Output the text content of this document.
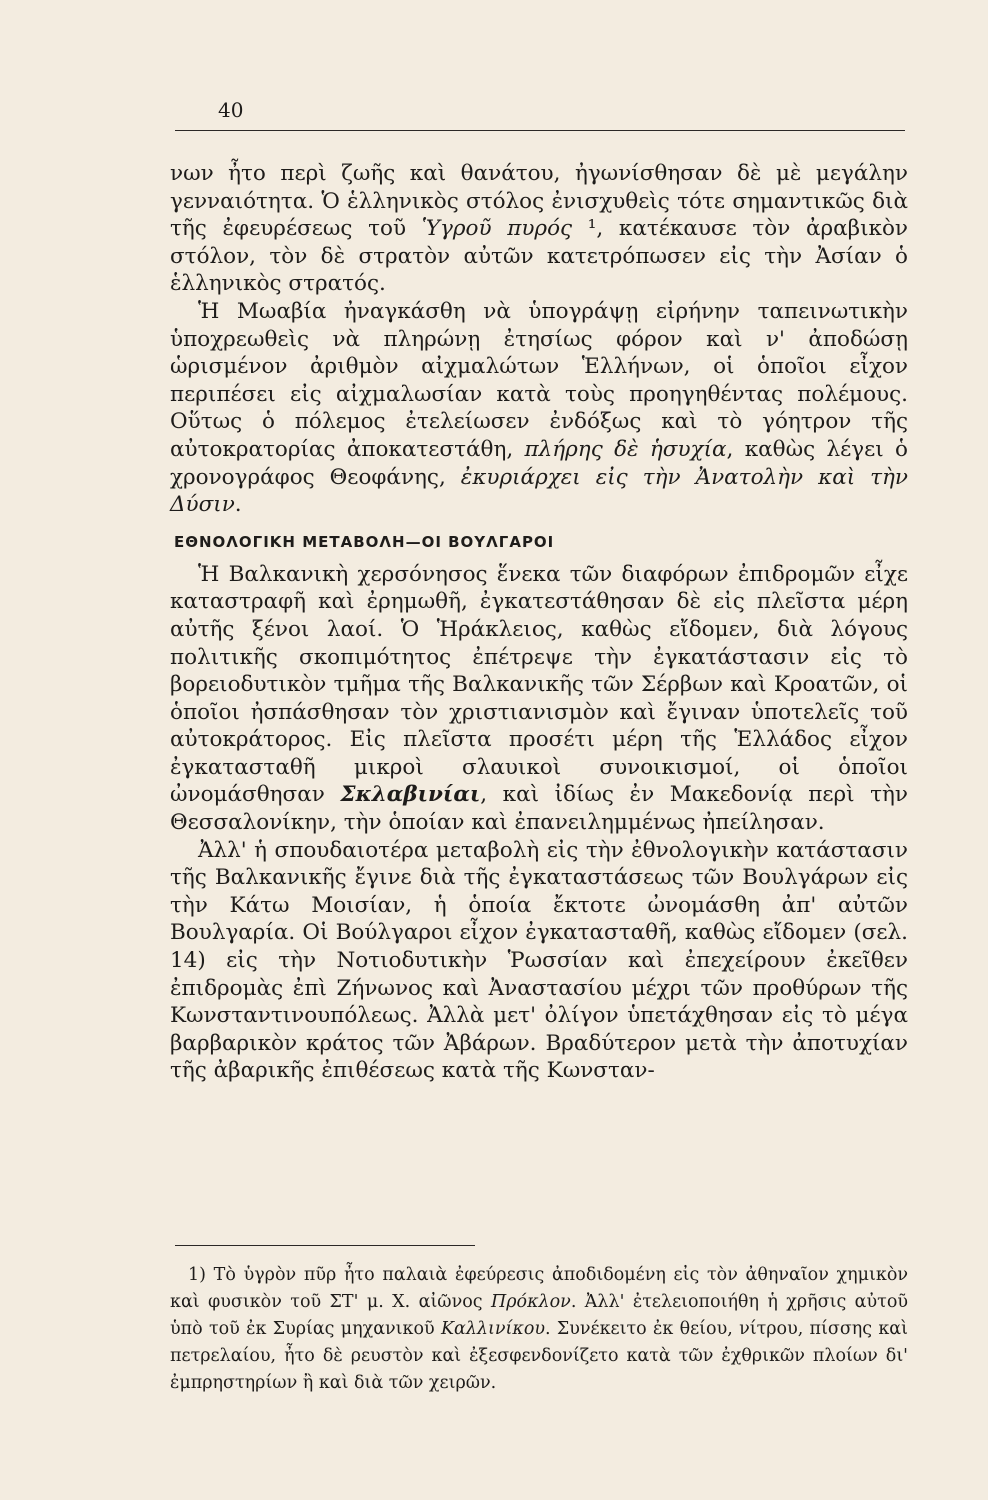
40

νων ἦτο περὶ ζωῆς καὶ θανάτου, ἠγωνίσθησαν δὲ μὲ μεγάλην γενναιότητα. Ὁ ἑλληνικὸς στόλος ἐνισχυθεὶς τότε σημαντικῶς διὰ τῆς ἐφευρέσεως τοῦ Ὑγροῦ πυρός ¹, κατέκαυσε τὸν ἀραβικὸν στόλον, τὸν δὲ στρατὸν αὐτῶν κατετρόπωσεν εἰς τὴν Ἀσίαν ὁ ἑλληνικὸς στρατός.

Ἡ Μωαβία ἠναγκάσθη νὰ ὑπογράψῃ εἰρήνην ταπεινωτικὴν ὑποχρεωθεὶς νὰ πληρώνῃ ἐτησίως φόρον καὶ ν' ἀποδώσῃ ὡρισμένον ἀριθμὸν αἰχμαλώτων Ἑλλήνων, οἱ ὁποῖοι εἶχον περιπέσει εἰς αἰχμαλωσίαν κατὰ τοὺς προηγηθέντας πολέμους. Οὕτως ὁ πόλεμος ἐτελείωσεν ἐνδόξως καὶ τὸ γόητρον τῆς αὐτοκρατορίας ἀποκατεστάθη, πλήρης δὲ ἡσυχία, καθὼς λέγει ὁ χρονογράφος Θεοφάνης, ἐκυριάρχει εἰς τὴν Ἀνατολὴν καὶ τὴν Δύσιν.

ΕΘΝΟΛΟΓΙΚΗ ΜΕΤΑΒΟΛΗ—ΟΙ ΒΟΥΛΓΑΡΟΙ

Ἡ Βαλκανικὴ χερσόνησος ἕνεκα τῶν διαφόρων ἐπιδρομῶν εἶχε καταστραφῆ καὶ ἐρημωθῆ, ἐγκατεστάθησαν δὲ εἰς πλεῖστα μέρη αὐτῆς ξένοι λαοί. Ὁ Ἡράκλειος, καθὼς εἴδομεν, διὰ λόγους πολιτικῆς σκοπιμότητος ἐπέτρεψε τὴν ἐγκατάστασιν εἰς τὸ βορειοδυτικὸν τμῆμα τῆς Βαλκανικῆς τῶν Σέρβων καὶ Κροατῶν, οἱ ὁποῖοι ἠσπάσθησαν τὸν χριστιανισμὸν καὶ ἔγιναν ὑποτελεῖς τοῦ αὐτοκράτορος. Εἰς πλεῖστα προσέτι μέρη τῆς Ἑλλάδος εἶχον ἐγκατασταθῆ μικροὶ σλαυικοὶ συνοικισμοί, οἱ ὁποῖοι ὠνομάσθησαν Σκλαβινίαι, καὶ ἰδίως ἐν Μακεδονίᾳ περὶ τὴν Θεσσαλονίκην, τὴν ὁποίαν καὶ ἐπανειλημμένως ἠπείλησαν.

Ἀλλ' ἡ σπουδαιοτέρα μεταβολὴ εἰς τὴν ἐθνολογικὴν κατάστασιν τῆς Βαλκανικῆς ἔγινε διὰ τῆς ἐγκαταστάσεως τῶν Βουλγάρων εἰς τὴν Κάτω Μοισίαν, ἡ ὁποία ἔκτοτε ὠνομάσθη ἀπ' αὐτῶν Βουλγαρία. Οἱ Βούλγαροι εἶχον ἐγκατασταθῆ, καθὼς εἴδομεν (σελ. 14) εἰς τὴν Νοτιοδυτικὴν Ῥωσσίαν καὶ ἐπεχείρουν ἐκεῖθεν ἐπιδρομὰς ἐπὶ Ζήνωνος καὶ Ἀναστασίου μέχρι τῶν προθύρων τῆς Κωνσταντινουπόλεως. Ἀλλὰ μετ' ὀλίγον ὑπετάχθησαν εἰς τὸ μέγα βαρβαρικὸν κράτος τῶν Ἀβάρων. Βραδύτερον μετὰ τὴν ἀποτυχίαν τῆς ἀβαρικῆς ἐπιθέσεως κατὰ τῆς Κωνσταν-

1) Τὸ ὑγρὸν πῦρ ἦτο παλαιὰ ἐφεύρεσις ἀποδιδομένη εἰς τὸν ἀθηναῖον χημικὸν καὶ φυσικὸν τοῦ ΣΤ' μ. Χ. αἰῶνος Πρόκλον. Ἀλλ' ἐτελειοποιήθη ἡ χρῆσις αὐτοῦ ὑπὸ τοῦ ἐκ Συρίας μηχανικοῦ Καλλινίκου. Συνέκειτο ἐκ θείου, νίτρου, πίσσης καὶ πετρελαίου, ἦτο δὲ ρευστὸν καὶ ἐξεσφενδονίζετο κατὰ τῶν ἐχθρικῶν πλοίων δι' ἐμπρηστηρίων ἢ καὶ διὰ τῶν χειρῶν.
